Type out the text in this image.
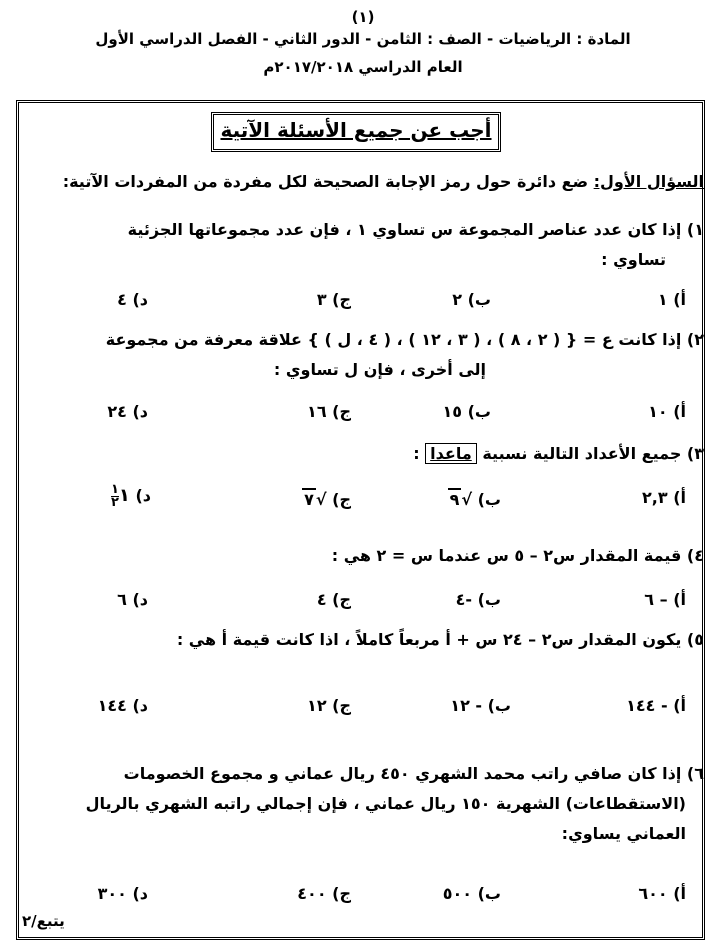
(١)
المادة : الرياضيات - الصف : الثامن - الدور الثاني - الفصل الدراسي الأول
العام الدراسي ٢٠١٧/٢٠١٨م
أجب عن جميع الأسئلة الآتية
السؤال الأول: ضع دائرة حول رمز الإجابة الصحيحة لكل مفردة من المفردات الآتية:
١) إذا كان عدد عناصر المجموعة س تساوي ١ ، فإن عدد مجموعاتها الجزئية
تساوي :
أ) ١
ب) ٢
ج) ٣
د) ٤
٢) إذا كانت ع = { ( ٢ ، ٨ ) ، ( ٣ ، ١٢ ) ، ( ٤ ، ل ) } علاقة معرفة من مجموعة
إلى أخرى ، فإن ل تساوي :
أ) ١٠
ب) ١٥
ج) ١٦
د) ٢٤
٣) جميع الأعداد التالية نسبية ماعدا :
أ) ٢,٣
ب) √٩
ج) √٧
د) ١
$\frac{١}{٢}$
٤) قيمة المقدار س٢ – ٥ س عندما س = ٢ هي :
أ) – ٦
ب) -٤
ج) ٤
د) ٦
٥) يكون المقدار س٢ – ٢٤ س + أ مربعاً كاملاً ، اذا كانت قيمة أ هي :
أ) - ١٤٤
ب) - ١٢
ج) ١٢
د) ١٤٤
٦) إذا كان صافي راتب محمد الشهري ٤٥٠ ريال عماني و مجموع الخصومات
(الاستقطاعات) الشهرية ١٥٠ ريال عماني ، فإن إجمالي راتبه الشهري بالريال
العماني يساوي:
أ) ٦٠٠
ب) ٥٠٠
ج) ٤٠٠
د) ٣٠٠
يتبع/٢
